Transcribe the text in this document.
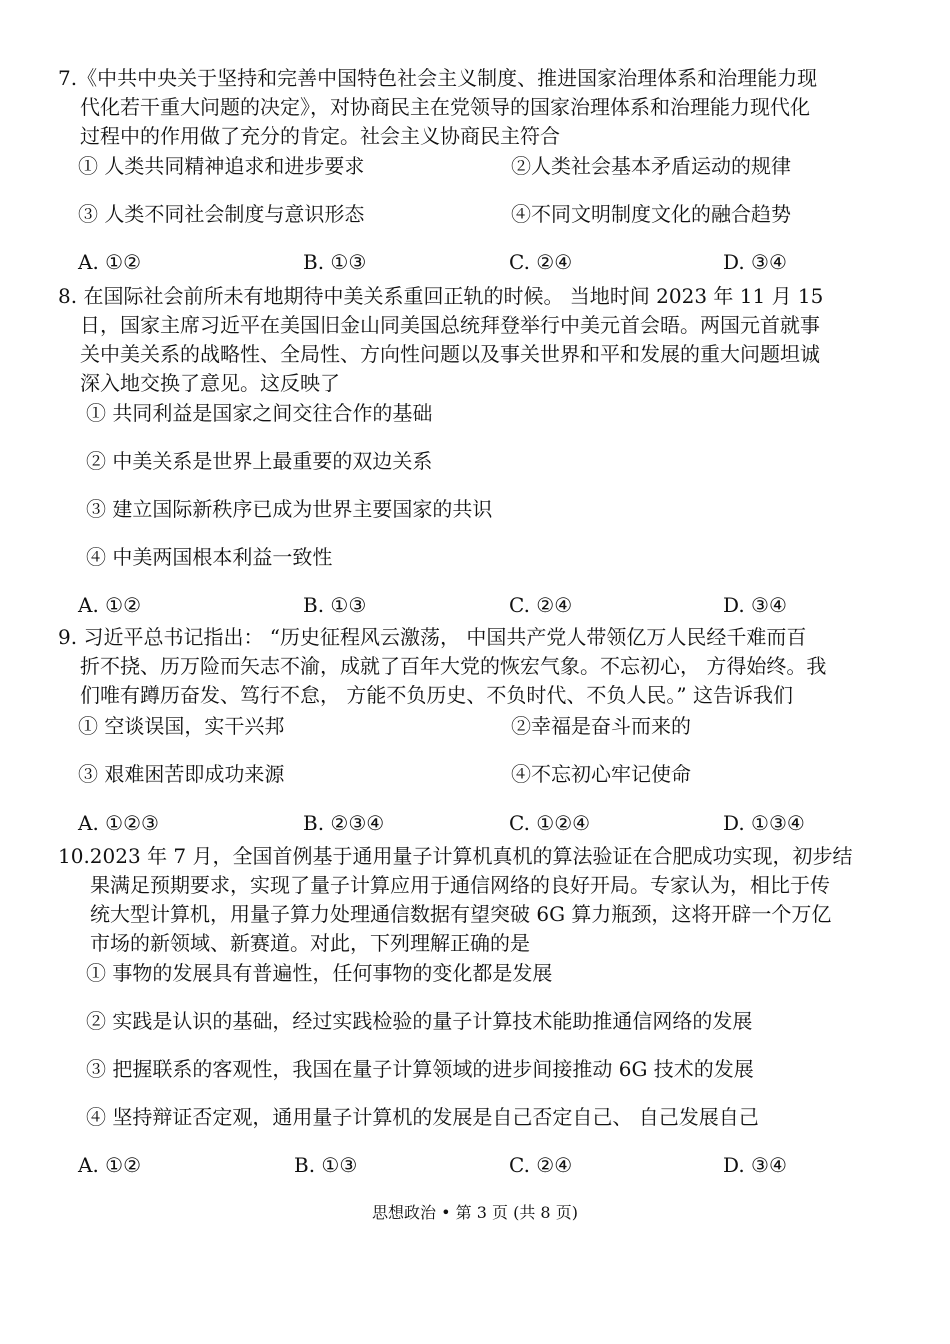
7.《中共中央关于坚持和完善中国特色社会主义制度、推进国家治理体系和治理能力现
代化若干重大问题的决定》，对协商民主在党领导的国家治理体系和治理能力现代化
过程中的作用做了充分的肯定。社会主义协商民主符合
① 人类共同精神追求和进步要求	②人类社会基本矛盾运动的规律
③ 人类不同社会制度与意识形态	④不同文明制度文化的融合趋势
A. ①②	B. ①③	C. ②④	D. ③④
8. 在国际社会前所未有地期待中美关系重回正轨的时候。 当地时间 2023 年 11 月 15
日，国家主席习近平在美国旧金山同美国总统拜登举行中美元首会晤。两国元首就事
关中美关系的战略性、全局性、方向性问题以及事关世界和平和发展的重大问题坦诚
深入地交换了意见。这反映了
① 共同利益是国家之间交往合作的基础
② 中美关系是世界上最重要的双边关系
③ 建立国际新秩序已成为世界主要国家的共识
④ 中美两国根本利益一致性
A. ①②	B. ①③	C. ②④	D. ③④
9. 习近平总书记指出： “历史征程风云激荡， 中国共产党人带领亿万人民经千难而百
折不挠、历万险而矢志不渝，成就了百年大党的恢宏气象。不忘初心， 方得始终。我
们唯有蹲历奋发、笃行不怠， 方能不负历史、不负时代、不负人民。” 这告诉我们
① 空谈误国，实干兴邦	②幸福是奋斗而来的
③ 艰难困苦即成功来源	④不忘初心牢记使命
A. ①②③	B. ②③④	C. ①②④	D. ①③④
10.2023 年 7 月，全国首例基于通用量子计算机真机的算法验证在合肥成功实现，初步结
果满足预期要求，实现了量子计算应用于通信网络的良好开局。专家认为，相比于传
统大型计算机，用量子算力处理通信数据有望突破 6G 算力瓶颈，这将开辟一个万亿
市场的新领域、新赛道。对此，下列理解正确的是
① 事物的发展具有普遍性，任何事物的变化都是发展
② 实践是认识的基础，经过实践检验的量子计算技术能助推通信网络的发展
③ 把握联系的客观性，我国在量子计算领域的进步间接推动 6G 技术的发展
④ 坚持辩证否定观，通用量子计算机的发展是自己否定自己、 自己发展自己
A. ①②	B. ①③	C. ②④	D. ③④
思想政治 • 第 3 页 (共 8 页)
